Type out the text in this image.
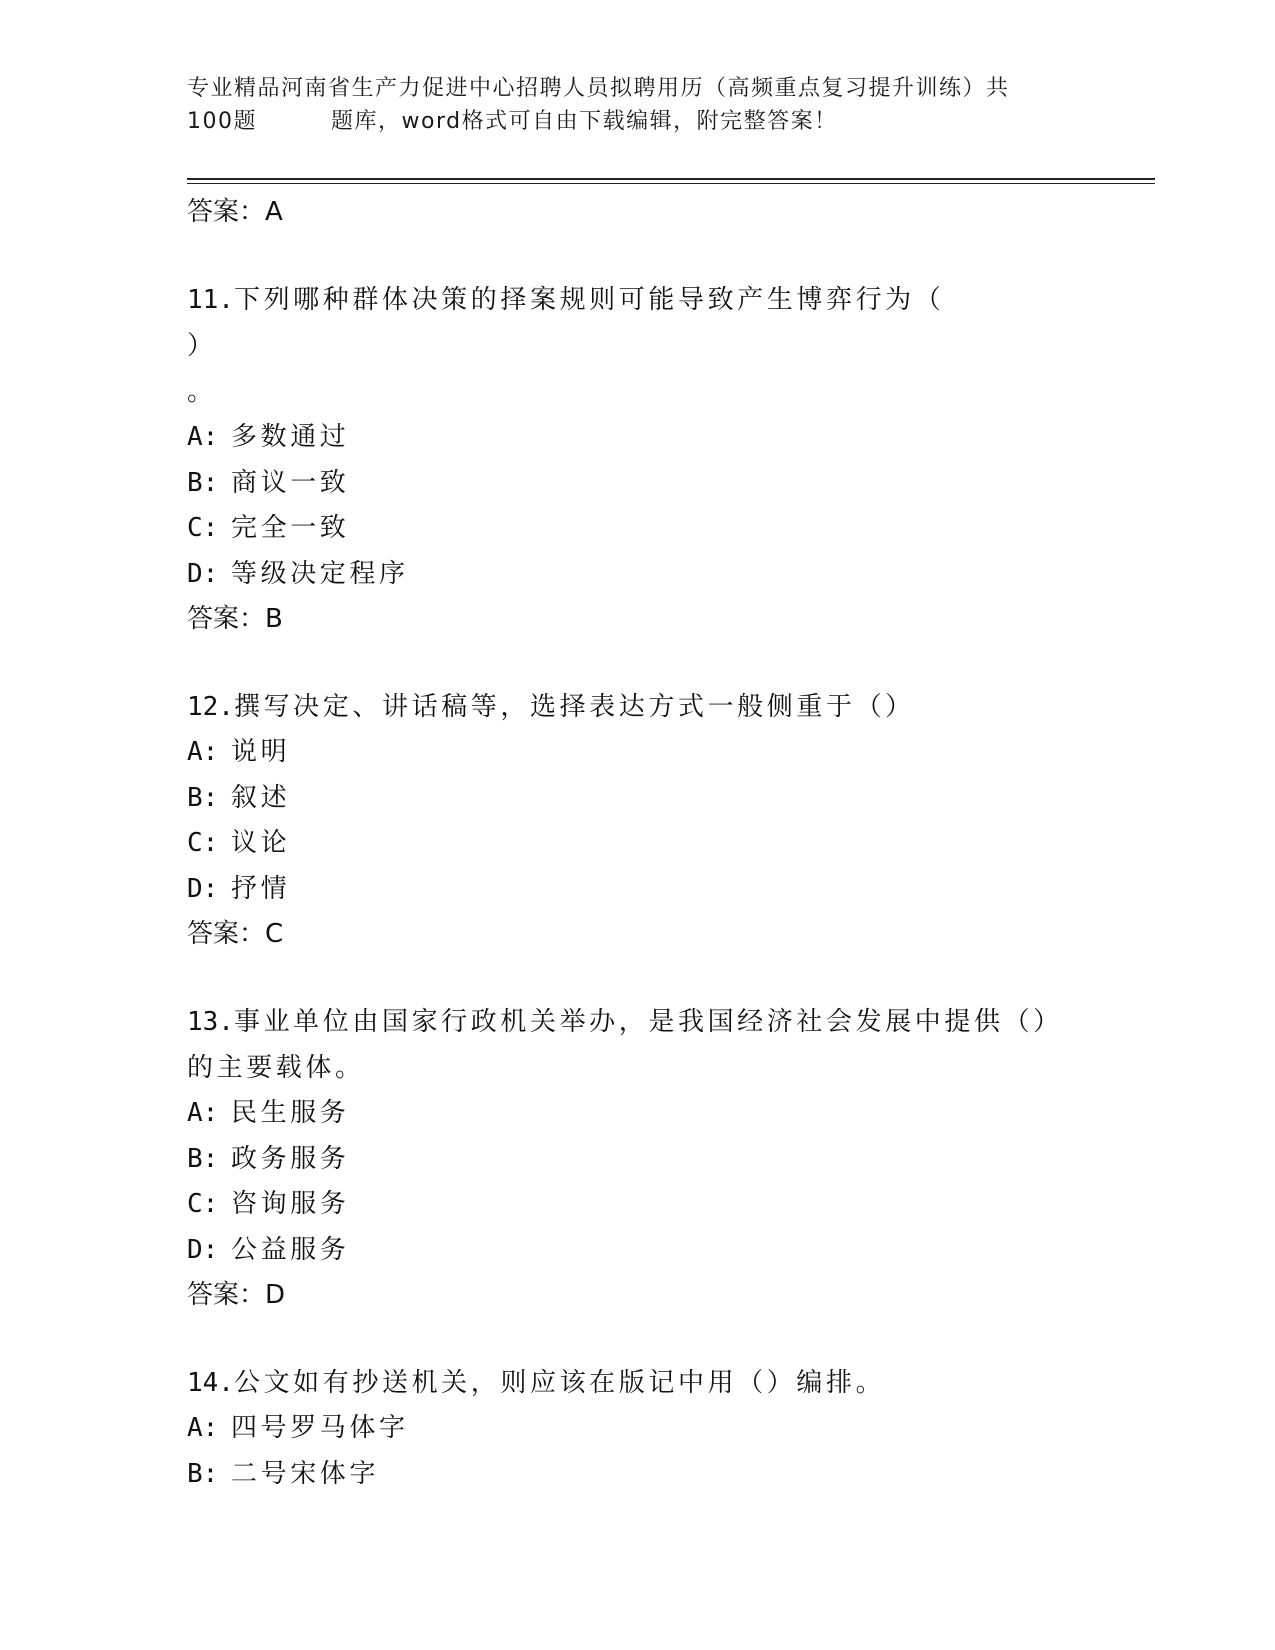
专业精品河南省生产力促进中心招聘人员拟聘用历（高频重点复习提升训练）共
100题	题库，word格式可自由下载编辑，附完整答案！
答案：A
11.下列哪种群体决策的择案规则可能导致产生博弈行为（）
。
A: 多数通过
B: 商议一致
C: 完全一致
D: 等级决定程序
答案：B
12.撰写决定、讲话稿等，选择表达方式一般侧重于（）
A: 说明
B: 叙述
C: 议论
D: 抒情
答案：C
13.事业单位由国家行政机关举办，是我国经济社会发展中提供（）的主要载体。
A: 民生服务
B: 政务服务
C: 咨询服务
D: 公益服务
答案：D
14.公文如有抄送机关，则应该在版记中用（）编排。
A: 四号罗马体字
B: 二号宋体字
